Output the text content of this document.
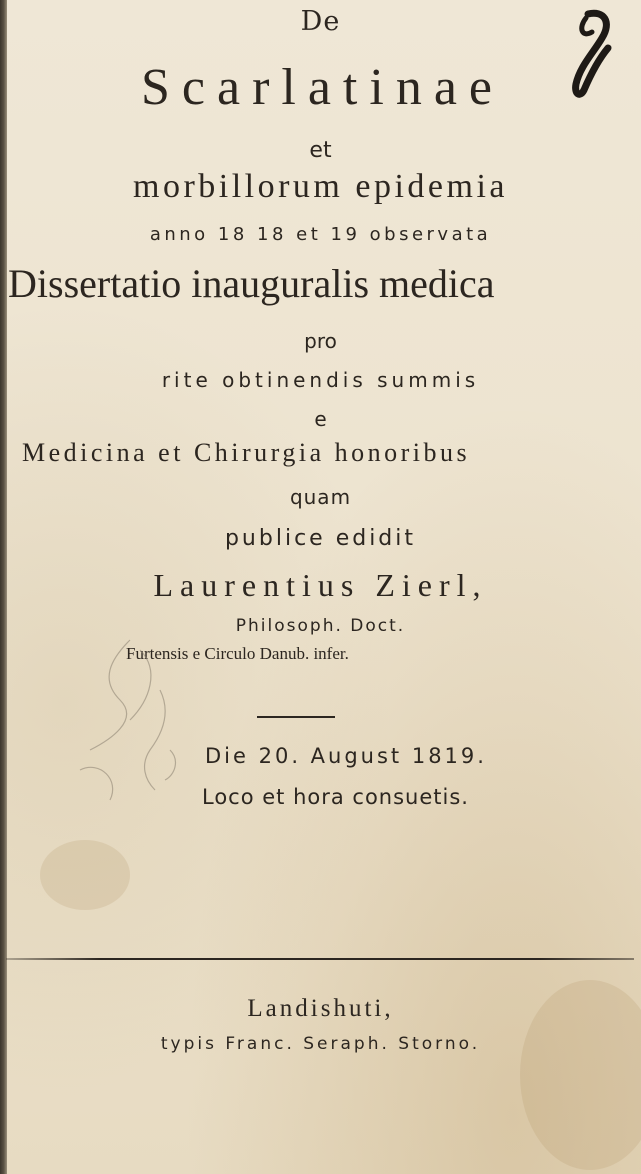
De
Scarlatinae
et
morbillorum epidemia
anno 18 18 et 19 observata
Dissertatio inauguralis medica
pro
rite obtinendis summis
e
Medicina et Chirurgia honoribus
quam
publice edidit
Laurentius Zierl,
Philosoph. Doct.
Furtensis e Circulo Danub. infer.
Die 20. August 1819.
Loco et hora consuetis.
Landishuti,
typis Franc. Seraph. Storno.
